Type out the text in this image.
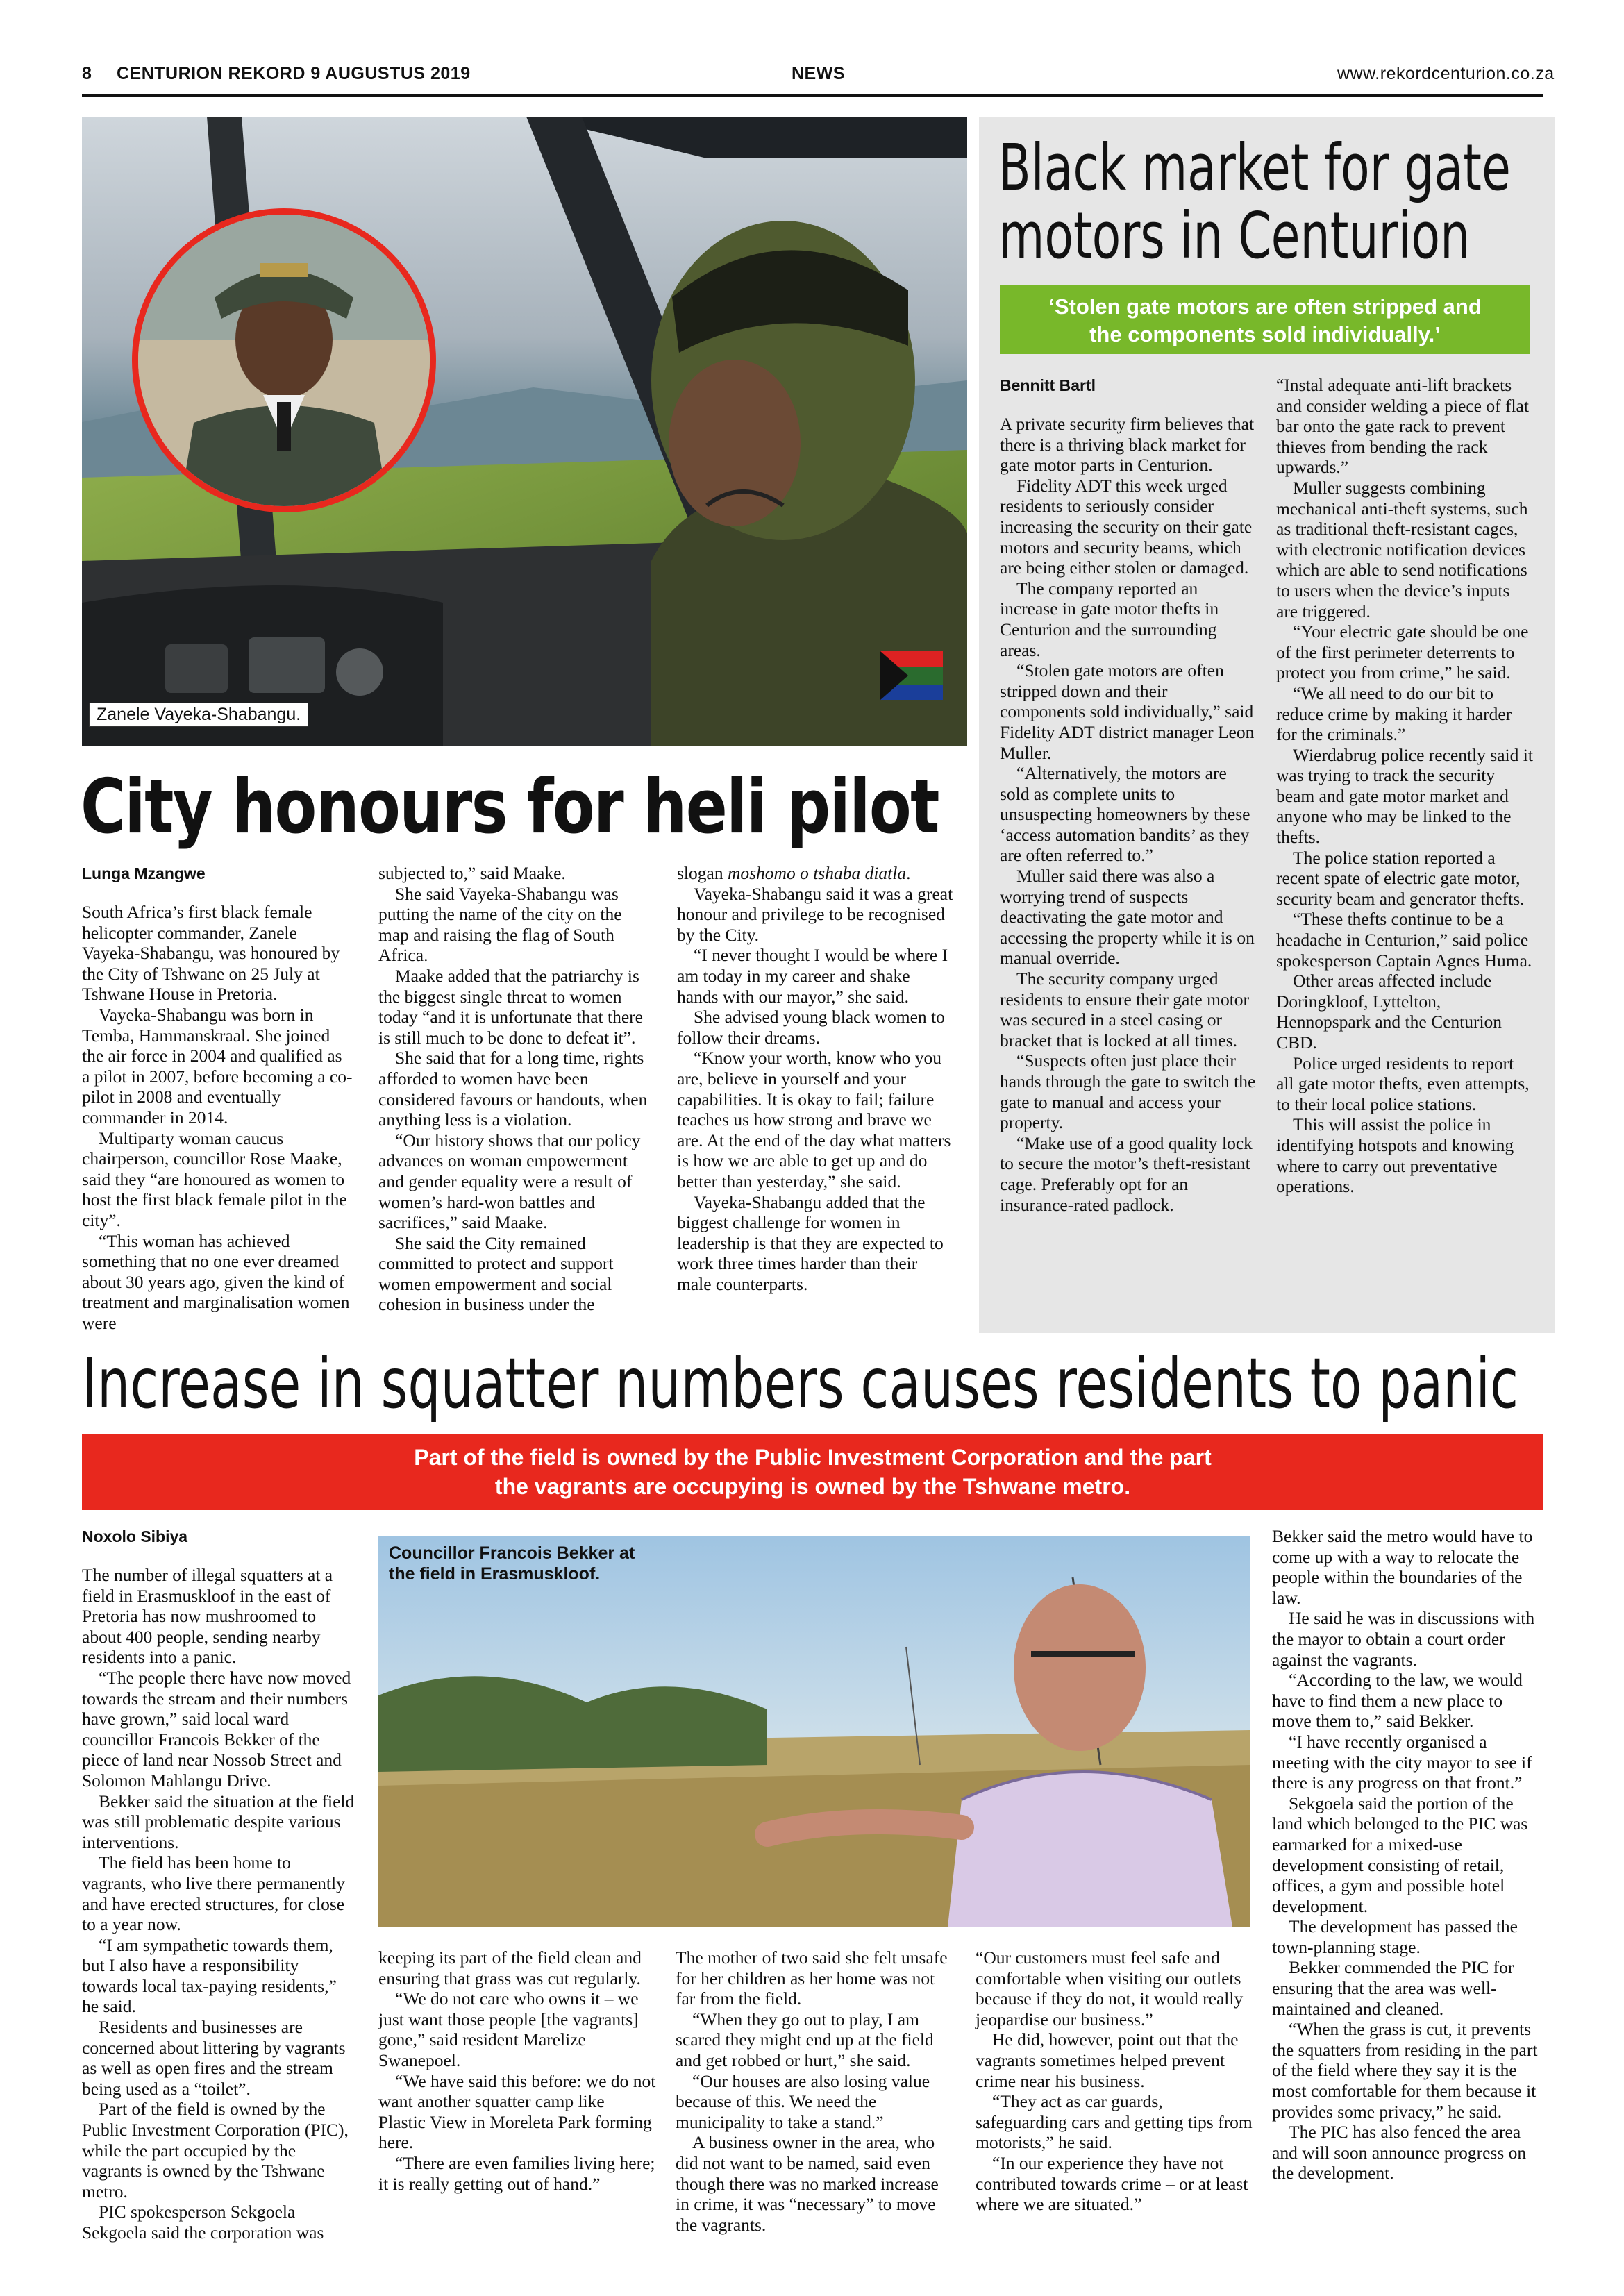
8 CENTURION REKORD 9 AUGUSTUS 2019	NEWS	www.rekordcenturion.co.za
Zanele Vayeka-Shabangu.
City honours for heli pilot
Lunga Mzangwe

South Africa’s first black female helicopter commander, Zanele Vayeka-Shabangu, was honoured by the City of Tshwane on 25 July at Tshwane House in Pretoria.

Vayeka-Shabangu was born in Temba, Hammanskraal. She joined the air force in 2004 and qualified as a pilot in 2007, before becoming a co-pilot in 2008 and eventually commander in 2014.

Multiparty woman caucus chairperson, councillor Rose Maake, said they “are honoured as women to host the first black female pilot in the city”.

“This woman has achieved something that no one ever dreamed about 30 years ago, given the kind of treatment and marginalisation women were

subjected to,” said Maake.

She said Vayeka-Shabangu was putting the name of the city on the map and raising the flag of South Africa.

Maake added that the patriarchy is the biggest single threat to women today “and it is unfortunate that there is still much to be done to defeat it”.

She said that for a long time, rights afforded to women have been considered favours or handouts, when anything less is a violation.

“Our history shows that our policy advances on woman empowerment and gender equality were a result of women’s hard-won battles and sacrifices,” said Maake.

She said the City remained committed to protect and support women empowerment and social cohesion in business under the

slogan moshomo o tshaba diatla.

Vayeka-Shabangu said it was a great honour and privilege to be recognised by the City.

“I never thought I would be where I am today in my career and shake hands with our mayor,” she said.

She advised young black women to follow their dreams.

“Know your worth, know who you are, believe in yourself and your capabilities. It is okay to fail; failure teaches us how strong and brave we are. At the end of the day what matters is how we are able to get up and do better than yesterday,” she said.

Vayeka-Shabangu added that the biggest challenge for women in leadership is that they are expected to work three times harder than their male counterparts.

Black market for gate
motors in Centurion
‘Stolen gate motors are often stripped and
the components sold individually.’
Bennitt Bartl

A private security firm believes that there is a thriving black market for gate motor parts in Centurion.

Fidelity ADT this week urged residents to seriously consider increasing the security on their gate motors and security beams, which are being either stolen or damaged.

The company reported an increase in gate motor thefts in Centurion and the surrounding areas.

“Stolen gate motors are often stripped down and their components sold individually,” said Fidelity ADT district manager Leon Muller.

“Alternatively, the motors are sold as complete units to unsuspecting homeowners by these ‘access automation bandits’ as they are often referred to.”

Muller said there was also a worrying trend of suspects deactivating the gate motor and accessing the property while it is on manual override.

The security company urged residents to ensure their gate motor was secured in a steel casing or bracket that is locked at all times.

“Suspects often just place their hands through the gate to switch the gate to manual and access your property.

“Make use of a good quality lock to secure the motor’s theft-resistant cage. Preferably opt for an insurance-rated padlock.

“Instal adequate anti-lift brackets and consider welding a piece of flat bar onto the gate rack to prevent thieves from bending the rack upwards.”

Muller suggests combining mechanical anti-theft systems, such as traditional theft-resistant cages, with electronic notification devices which are able to send notifications to users when the device’s inputs are triggered.

“Your electric gate should be one of the first perimeter deterrents to protect you from crime,” he said.

“We all need to do our bit to reduce crime by making it harder for the criminals.”

Wierdabrug police recently said it was trying to track the security beam and gate motor market and anyone who may be linked to the thefts.

The police station reported a recent spate of electric gate motor, security beam and generator thefts.

“These thefts continue to be a headache in Centurion,” said police spokesperson Captain Agnes Huma.

Other areas affected include Doringkloof, Lyttelton, Hennopspark and the Centurion CBD.

Police urged residents to report all gate motor thefts, even attempts, to their local police stations.

This will assist the police in identifying hotspots and knowing where to carry out preventative operations.

Increase in squatter numbers causes residents to panic
Part of the field is owned by the Public Investment Corporation and the part
the vagrants are occupying is owned by the Tshwane metro.
Councillor Francois Bekker at
the field in Erasmuskloof.
Noxolo Sibiya

The number of illegal squatters at a field in Erasmuskloof in the east of Pretoria has now mushroomed to about 400 people, sending nearby residents into a panic.

“The people there have now moved towards the stream and their numbers have grown,” said local ward councillor Francois Bekker of the piece of land near Nossob Street and Solomon Mahlangu Drive.

Bekker said the situation at the field was still problematic despite various interventions.

The field has been home to vagrants, who live there permanently and have erected structures, for close to a year now.

“I am sympathetic towards them, but I also have a responsibility towards local tax-paying residents,” he said.

Residents and businesses are concerned about littering by vagrants as well as open fires and the stream being used as a “toilet”.

Part of the field is owned by the Public Investment Corporation (PIC), while the part occupied by the vagrants is owned by the Tshwane metro.

PIC spokesperson Sekgoela Sekgoela said the corporation was

keeping its part of the field clean and ensuring that grass was cut regularly.

“We do not care who owns it – we just want those people [the vagrants] gone,” said resident Marelize Swanepoel.

“We have said this before: we do not want another squatter camp like Plastic View in Moreleta Park forming here.

“There are even families living here; it is really getting out of hand.”

The mother of two said she felt unsafe for her children as her home was not far from the field.

“When they go out to play, I am scared they might end up at the field and get robbed or hurt,” she said.

“Our houses are also losing value because of this. We need the municipality to take a stand.”

A business owner in the area, who did not want to be named, said even though there was no marked increase in crime, it was “necessary” to move the vagrants.

“Our customers must feel safe and comfortable when visiting our outlets because if they do not, it would really jeopardise our business.”

He did, however, point out that the vagrants sometimes helped prevent crime near his business.

“They act as car guards, safeguarding cars and getting tips from motorists,” he said.

“In our experience they have not contributed towards crime – or at least where we are situated.”

Bekker said the metro would have to come up with a way to relocate the people within the boundaries of the law.

He said he was in discussions with the mayor to obtain a court order against the vagrants.

“According to the law, we would have to find them a new place to move them to,” said Bekker.

“I have recently organised a meeting with the city mayor to see if there is any progress on that front.”

Sekgoela said the portion of the land which belonged to the PIC was earmarked for a mixed-use development consisting of retail, offices, a gym and possible hotel development.

The development has passed the town-planning stage.

Bekker commended the PIC for ensuring that the area was well-maintained and cleaned.

“When the grass is cut, it prevents the squatters from residing in the part of the field where they say it is the most comfortable for them because it provides some privacy,” he said.

The PIC has also fenced the area and will soon announce progress on the development.
